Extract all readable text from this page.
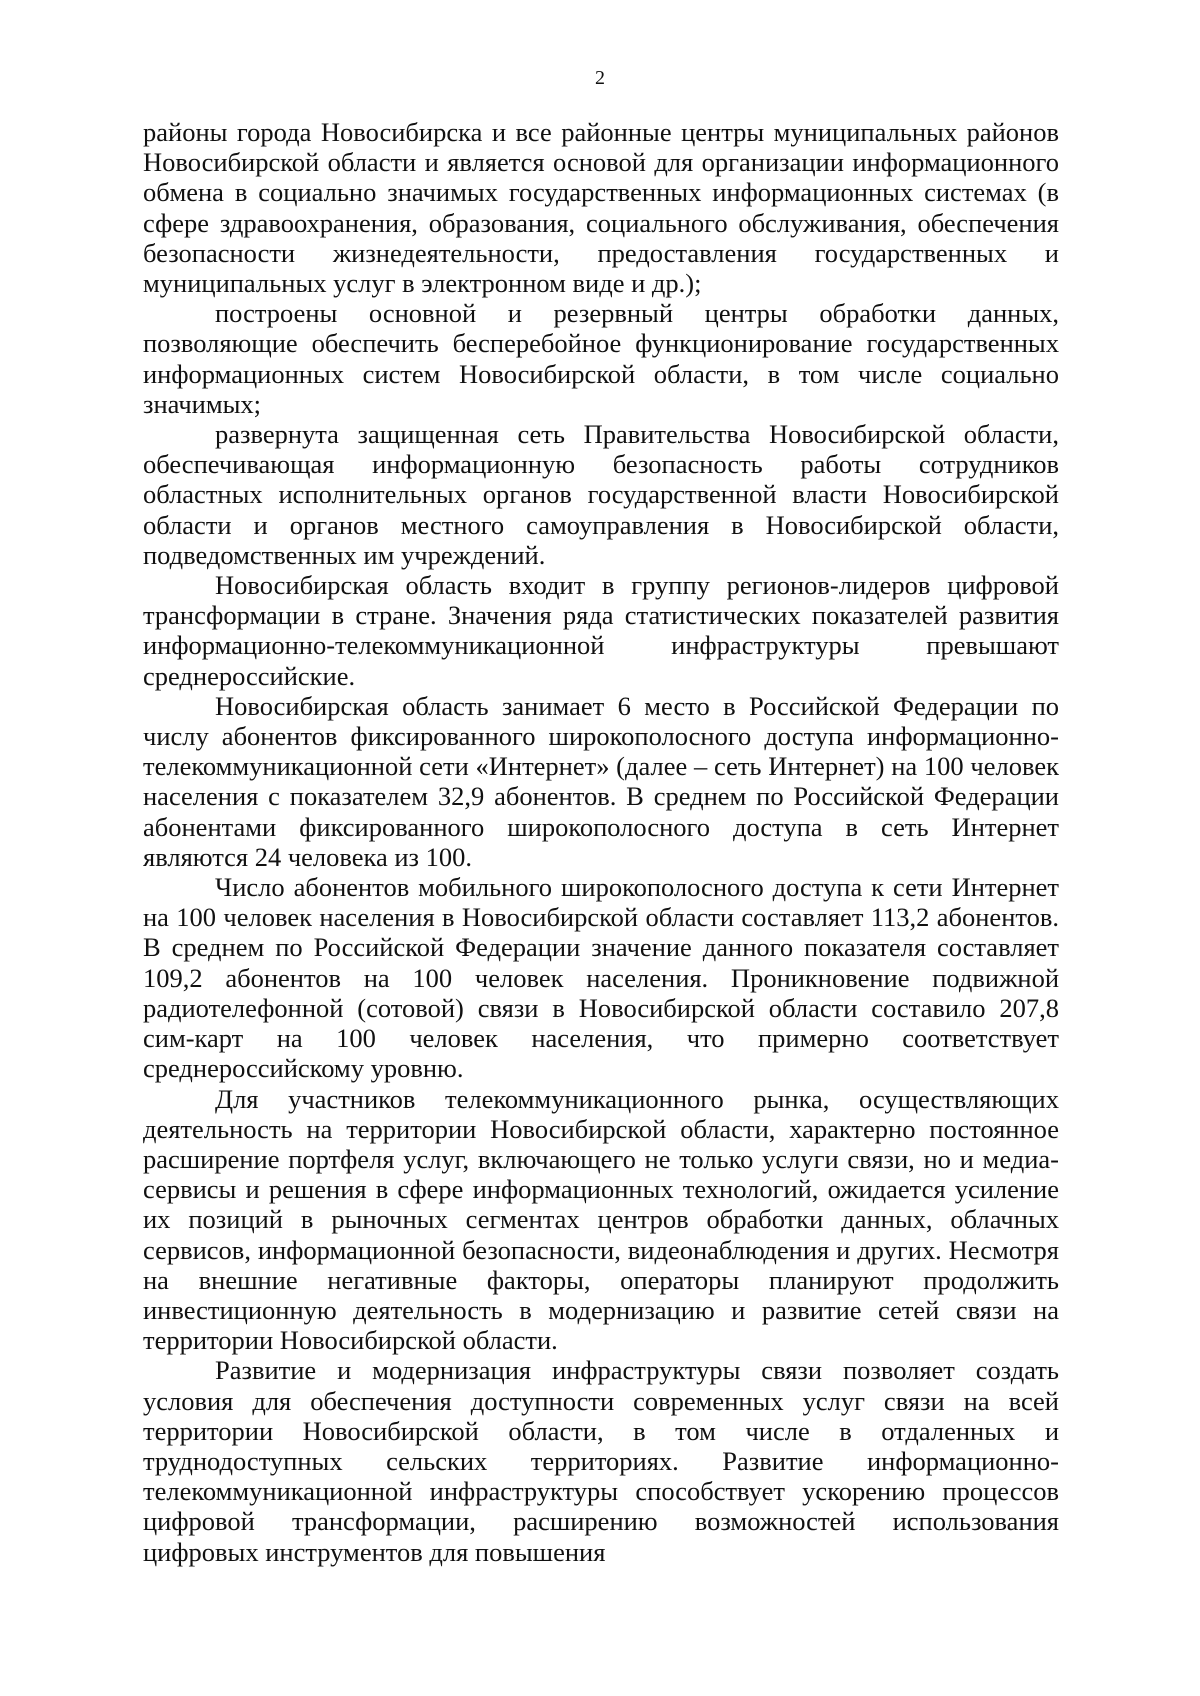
2

районы города Новосибирска и все районные центры муниципальных районов Новосибирской области и является основой для организации информационного обмена в социально значимых государственных информационных системах (в сфере здравоохранения, образования, социального обслуживания, обеспечения безопасности жизнедеятельности, предоставления государственных и муниципальных услуг в электронном виде и др.);

построены основной и резервный центры обработки данных, позволяющие обеспечить бесперебойное функционирование государственных информационных систем Новосибирской области, в том числе социально значимых;

развернута защищенная сеть Правительства Новосибирской области, обеспечивающая информационную безопасность работы сотрудников областных исполнительных органов государственной власти Новосибирской области и органов местного самоуправления в Новосибирской области, подведомственных им учреждений.

Новосибирская область входит в группу регионов-лидеров цифровой трансформации в стране. Значения ряда статистических показателей развития информационно-телекоммуникационной инфраструктуры превышают среднероссийские.

Новосибирская область занимает 6 место в Российской Федерации по числу абонентов фиксированного широкополосного доступа информационно-телекоммуникационной сети «Интернет» (далее – сеть Интернет) на 100 человек населения с показателем 32,9 абонентов. В среднем по Российской Федерации абонентами фиксированного широкополосного доступа в сеть Интернет являются 24 человека из 100.

Число абонентов мобильного широкополосного доступа к сети Интернет на 100 человек населения в Новосибирской области составляет 113,2 абонентов. В среднем по Российской Федерации значение данного показателя составляет 109,2 абонентов на 100 человек населения. Проникновение подвижной радиотелефонной (сотовой) связи в Новосибирской области составило 207,8 сим-карт на 100 человек населения, что примерно соответствует среднероссийскому уровню.

Для участников телекоммуникационного рынка, осуществляющих деятельность на территории Новосибирской области, характерно постоянное расширение портфеля услуг, включающего не только услуги связи, но и медиа-сервисы и решения в сфере информационных технологий, ожидается усиление их позиций в рыночных сегментах центров обработки данных, облачных сервисов, информационной безопасности, видеонаблюдения и других. Несмотря на внешние негативные факторы, операторы планируют продолжить инвестиционную деятельность в модернизацию и развитие сетей связи на территории Новосибирской области.

Развитие и модернизация инфраструктуры связи позволяет создать условия для обеспечения доступности современных услуг связи на всей территории Новосибирской области, в том числе в отдаленных и труднодоступных сельских территориях. Развитие информационно-телекоммуникационной инфраструктуры способствует ускорению процессов цифровой трансформации, расширению возможностей использования цифровых инструментов для повышения
